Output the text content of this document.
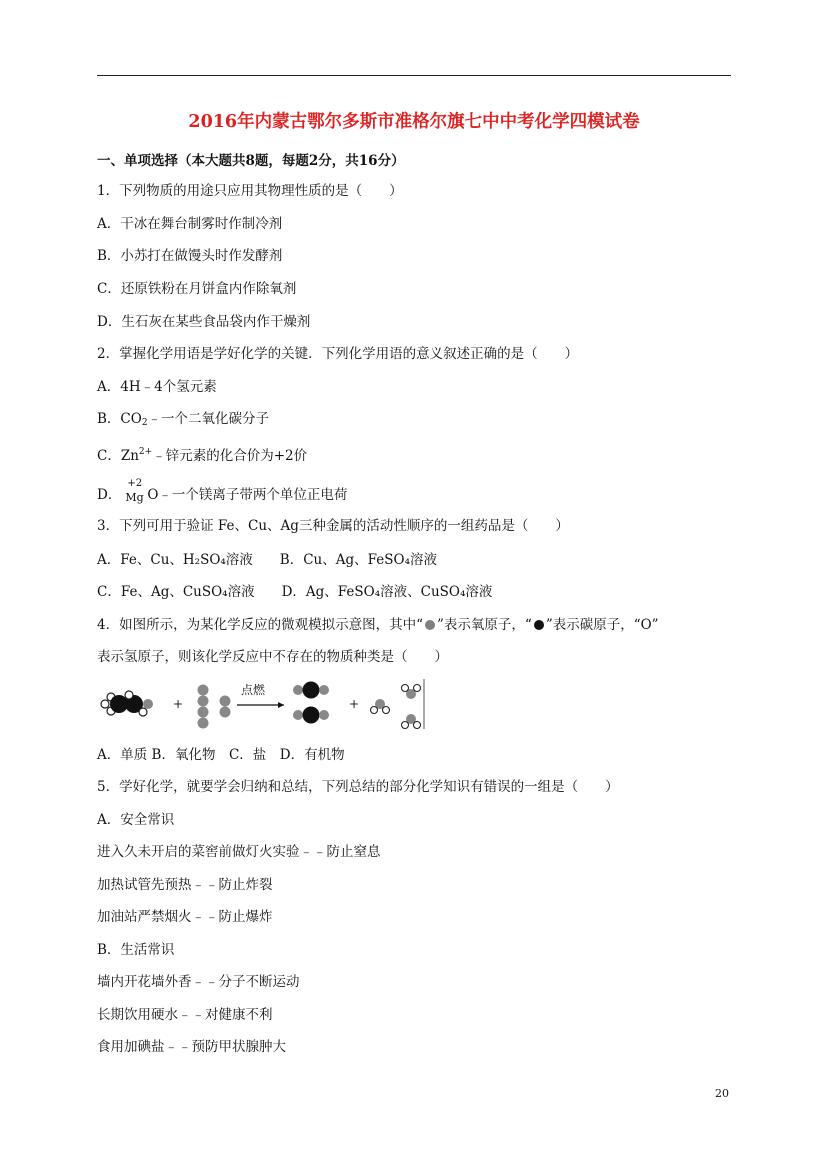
2016年内蒙古鄂尔多斯市准格尔旗七中中考化学四模试卷
一、单项选择（本大题共8题，每题2分，共16分）
1．下列物质的用途只应用其物理性质的是（　　）
A．干冰在舞台制雾时作制冷剂
B．小苏打在做馒头时作发酵剂
C．还原铁粉在月饼盒内作除氧剂
D．生石灰在某些食品袋内作干燥剂
2．掌握化学用语是学好化学的关键．下列化学用语的意义叙述正确的是（　　）
A．4H﹣4个氢元素
B．$CO_2﹣$一个二氧化碳分子
C．$Zn^{2+}﹣$锌元素的化合价为+2价
D．
+2
Mg O﹣一个镁离子带两个单位正电荷
3．下列可用于验证 Fe、Cu、Ag三种金属的活动性顺序的一组药品是（　　）
A．Fe、Cu、H₂SO₄溶液　　B．Cu、Ag、FeSO₄溶液
C．Fe、Ag、CuSO₄溶液　　D．Ag、FeSO₄溶液、CuSO₄溶液
4．如图所示，为某化学反应的微观模拟示意图，其中“ ”表示氧原子，“ ”表示碳原子，“O”
表示氢原子，则该化学反应中不存在的物质种类是（　　）
+
点燃
+
A．单质 B．氧化物　C．盐　D．有机物
5．学好化学，就要学会归纳和总结，下列总结的部分化学知识有错误的一组是（　　）
A．安全常识
进入久未开启的菜窖前做灯火实验﹣﹣防止窒息
加热试管先预热﹣﹣防止炸裂
加油站严禁烟火﹣﹣防止爆炸
B．生活常识
墙内开花墙外香﹣﹣分子不断运动
长期饮用硬水﹣﹣对健康不利
食用加碘盐﹣﹣预防甲状腺肿大
20
